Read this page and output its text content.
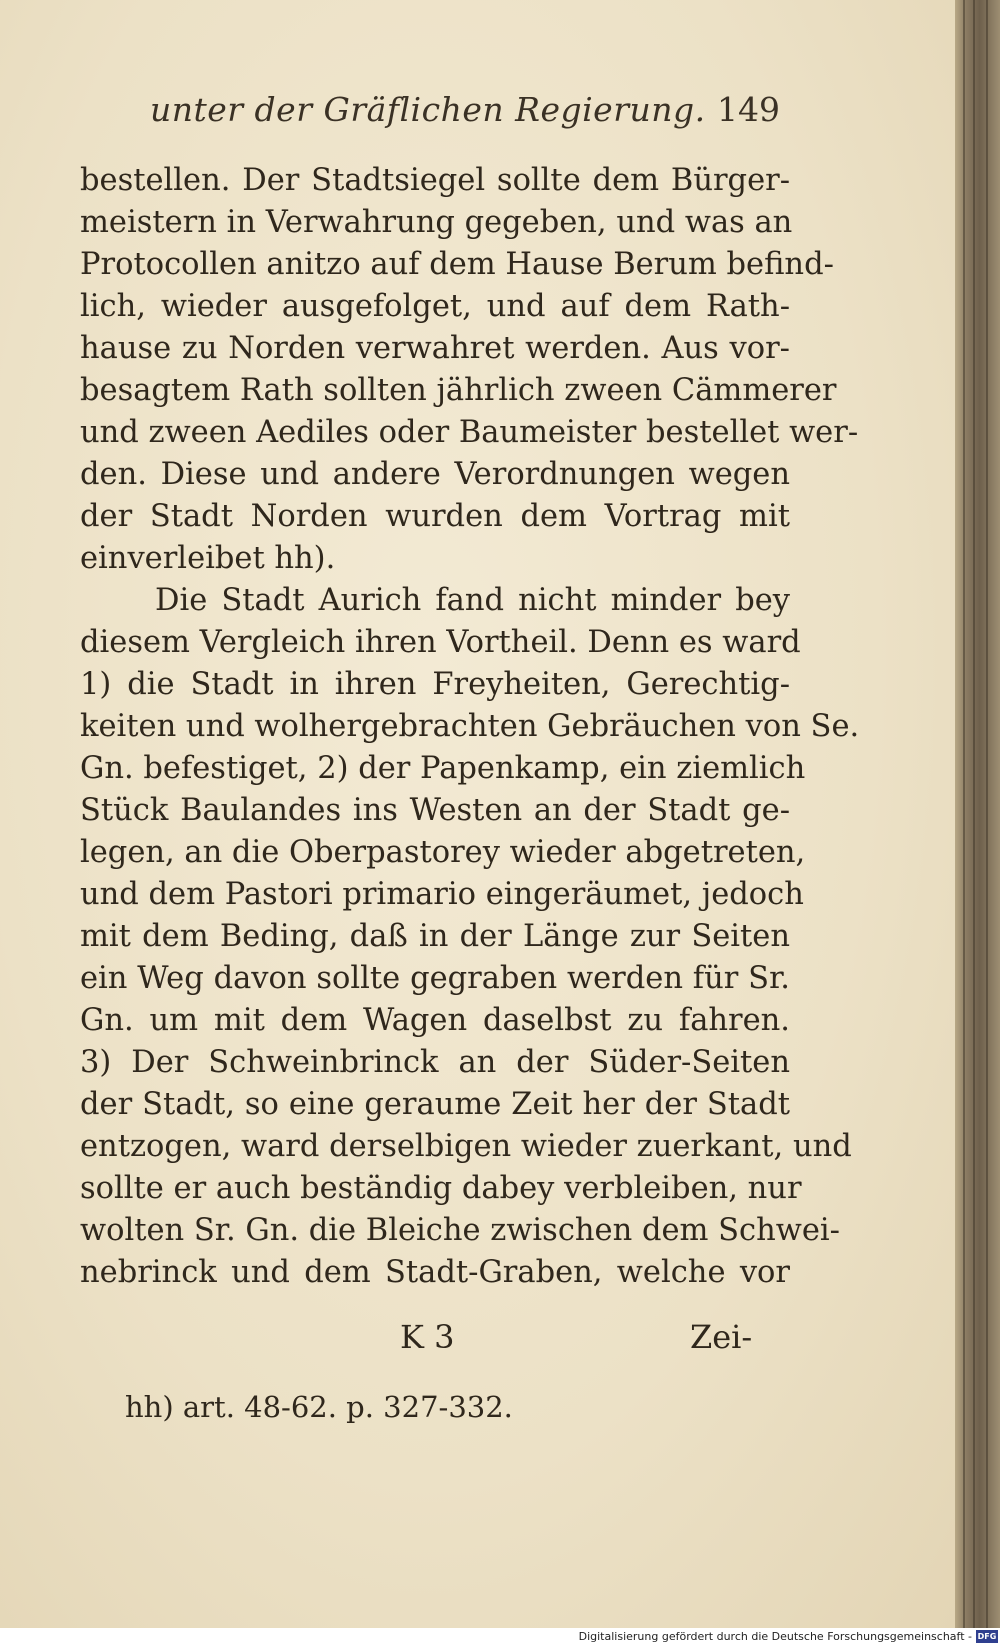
unter der Gräflichen Regierung. 149
bestellen. Der Stadtsiegel sollte dem Bürger-
meistern in Verwahrung gegeben, und was an
Protocollen anitzo auf dem Hause Berum befind-
lich, wieder ausgefolget, und auf dem Rath-
hause zu Norden verwahret werden. Aus vor-
besagtem Rath sollten jährlich zween Cämmerer
und zween Aediles oder Baumeister bestellet wer-
den. Diese und andere Verordnungen wegen
der Stadt Norden wurden dem Vortrag mit
einverleibet hh).
Die Stadt Aurich fand nicht minder bey
diesem Vergleich ihren Vortheil. Denn es ward
1) die Stadt in ihren Freyheiten, Gerechtig-
keiten und wolhergebrachten Gebräuchen von Se.
Gn. befestiget, 2) der Papenkamp, ein ziemlich
Stück Baulandes ins Westen an der Stadt ge-
legen, an die Oberpastorey wieder abgetreten,
und dem Pastori primario eingeräumet, jedoch
mit dem Beding, daß in der Länge zur Seiten
ein Weg davon sollte gegraben werden für Sr.
Gn. um mit dem Wagen daselbst zu fahren.
3) Der Schweinbrinck an der Süder-Seiten
der Stadt, so eine geraume Zeit her der Stadt
entzogen, ward derselbigen wieder zuerkant, und
sollte er auch beständig dabey verbleiben, nur
wolten Sr. Gn. die Bleiche zwischen dem Schwei-
nebrinck und dem Stadt-Graben, welche vor
K 3	Zei-
hh) art. 48-62. p. 327-332.
Digitalisierung gefördert durch die Deutsche Forschungsgemeinschaft - DFG
